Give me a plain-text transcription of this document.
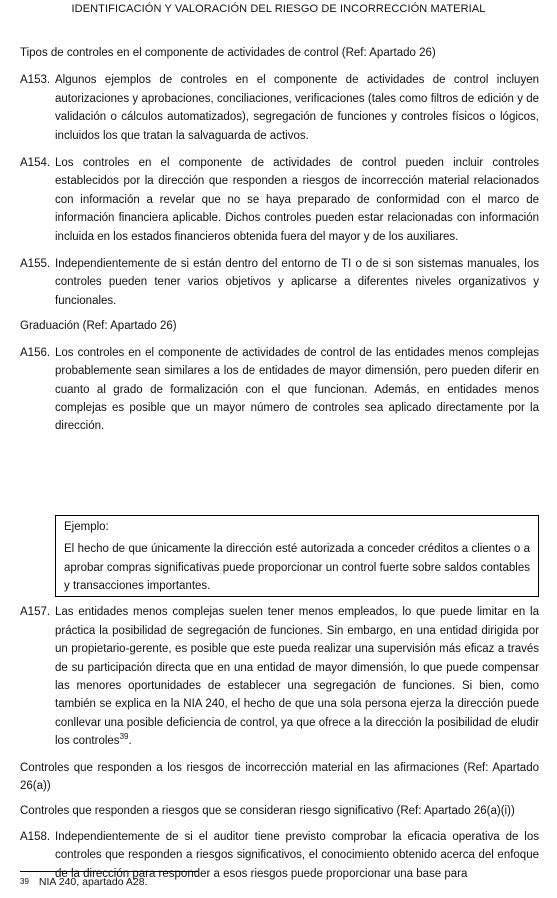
IDENTIFICACIÓN Y VALORACIÓN DEL RIESGO DE INCORRECCIÓN MATERIAL

Tipos de controles en el componente de actividades de control (Ref: Apartado 26)

A153. Algunos ejemplos de controles en el componente de actividades de control incluyen autorizaciones y aprobaciones, conciliaciones, verificaciones (tales como filtros de edición y de validación o cálculos automatizados), segregación de funciones y controles físicos o lógicos, incluidos los que tratan la salvaguarda de activos.
A154. Los controles en el componente de actividades de control pueden incluir controles establecidos por la dirección que responden a riesgos de incorrección material relacionados con información a revelar que no se haya preparado de conformidad con el marco de información financiera aplicable. Dichos controles pueden estar relacionadas con información incluida en los estados financieros obtenida fuera del mayor y de los auxiliares.
A155. Independientemente de si están dentro del entorno de TI o de si son sistemas manuales, los controles pueden tener varios objetivos y aplicarse a diferentes niveles organizativos y funcionales.

Graduación (Ref: Apartado 26)

A156. Los controles en el componente de actividades de control de las entidades menos complejas probablemente sean similares a los de entidades de mayor dimensión, pero pueden diferir en cuanto al grado de formalización con el que funcionan. Además, en entidades menos complejas es posible que un mayor número de controles sea aplicado directamente por la dirección.
Ejemplo:
El hecho de que únicamente la dirección esté autorizada a conceder créditos a clientes o a aprobar compras significativas puede proporcionar un control fuerte sobre saldos contables y transacciones importantes.
A157. Las entidades menos complejas suelen tener menos empleados, lo que puede limitar en la práctica la posibilidad de segregación de funciones. Sin embargo, en una entidad dirigida por un propietario-gerente, es posible que este pueda realizar una supervisión más eficaz a través de su participación directa que en una entidad de mayor dimensión, lo que puede compensar las menores oportunidades de establecer una segregación de funciones. Si bien, como también se explica en la NIA 240, el hecho de que una sola persona ejerza la dirección puede conllevar una posible deficiencia de control, ya que ofrece a la dirección la posibilidad de eludir los controles$^{39}$.

Controles que responden a los riesgos de incorrección material en las afirmaciones (Ref: Apartado 26(a))

Controles que responden a riesgos que se consideran riesgo significativo (Ref: Apartado 26(a)(i))

A158. Independientemente de si el auditor tiene previsto comprobar la eficacia operativa de los controles que responden a riesgos significativos, el conocimiento obtenido acerca del enfoque de la dirección para responder a esos riesgos puede proporcionar una base para
$^{39}$ NIA 240, apartado A28.
